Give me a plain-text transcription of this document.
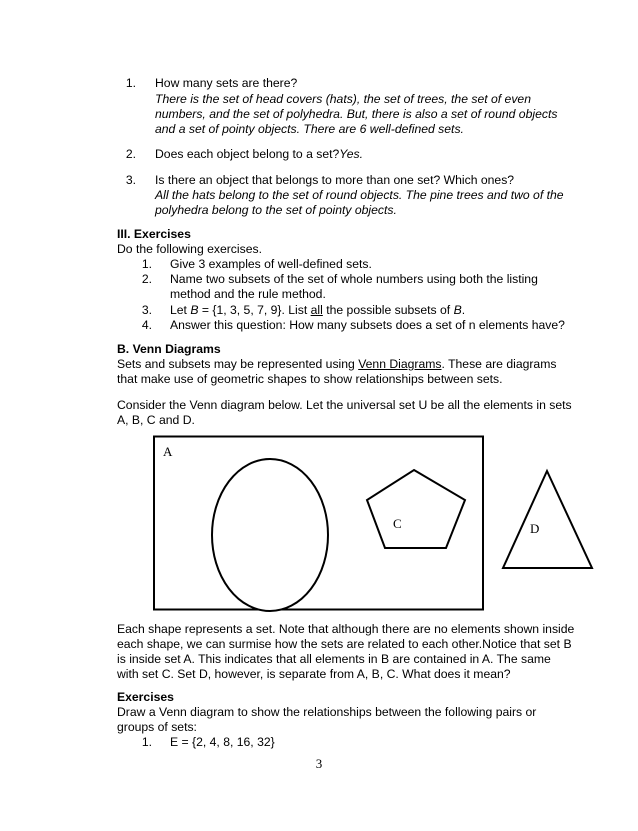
1. How many sets are there?
There is the set of head covers (hats), the set of trees, the set of even
numbers, and the set of polyhedra. But, there is also a set of round objects
and a set of pointy objects. There are 6 well-defined sets.
2. Does each object belong to a set?Yes.
3. Is there an object that belongs to more than one set? Which ones?
All the hats belong to the set of round objects. The pine trees and two of the
polyhedra belong to the set of pointy objects.
III. Exercises
Do the following exercises.
1. Give 3 examples of well-defined sets.
2. Name two subsets of the set of whole numbers using both the listing
method and the rule method.
3. Let B = {1, 3, 5, 7, 9}. List all the possible subsets of B.
4. Answer this question: How many subsets does a set of n elements have?
B. Venn Diagrams
Sets and subsets may be represented using Venn Diagrams. These are diagrams
that make use of geometric shapes to show relationships between sets.
Consider the Venn diagram below. Let the universal set U be all the elements in sets
A, B, C and D.
A
C	D
Each shape represents a set. Note that although there are no elements shown inside
each shape, we can surmise how the sets are related to each other.Notice that set B
is inside set A. This indicates that all elements in B are contained in A. The same
with set C. Set D, however, is separate from A, B, C. What does it mean?
Exercises
Draw a Venn diagram to show the relationships between the following pairs or
groups of sets:
1. E = {2, 4, 8, 16, 32}
3
